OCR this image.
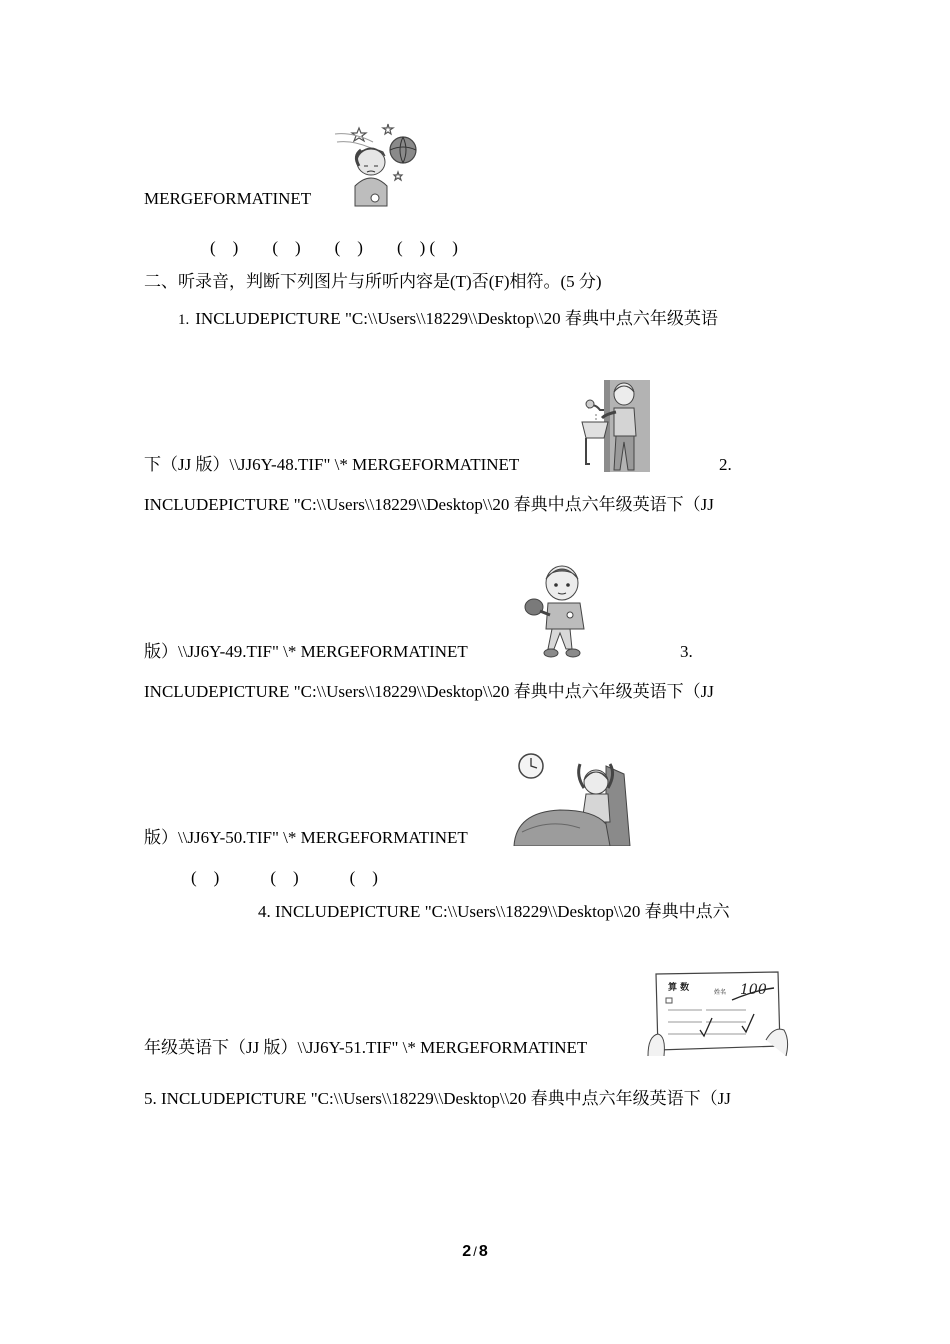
MERGEFORMATINET
(　)　　(　)　　(　)　　(　) (　)
二、听录音，判断下列图片与所听内容是(T)否(F)相符。(5 分)
1. INCLUDEPICTURE "C:\\Users\\18229\\Desktop\\20 春典中点六年级英语
下（JJ 版）\\JJ6Y-48.TIF" \* MERGEFORMATINET	2.
INCLUDEPICTURE "C:\\Users\\18229\\Desktop\\20 春典中点六年级英语下（JJ
版）\\JJ6Y-49.TIF" \* MERGEFORMATINET	3.
INCLUDEPICTURE "C:\\Users\\18229\\Desktop\\20 春典中点六年级英语下（JJ
版）\\JJ6Y-50.TIF" \* MERGEFORMATINET
(　)　　　(　)　　　(　)
4. INCLUDEPICTURE "C:\\Users\\18229\\Desktop\\20 春典中点六
算 数	姓名 100
年级英语下（JJ 版）\\JJ6Y-51.TIF" \* MERGEFORMATINET
5. INCLUDEPICTURE "C:\\Users\\18229\\Desktop\\20 春典中点六年级英语下（JJ
2 / 8
